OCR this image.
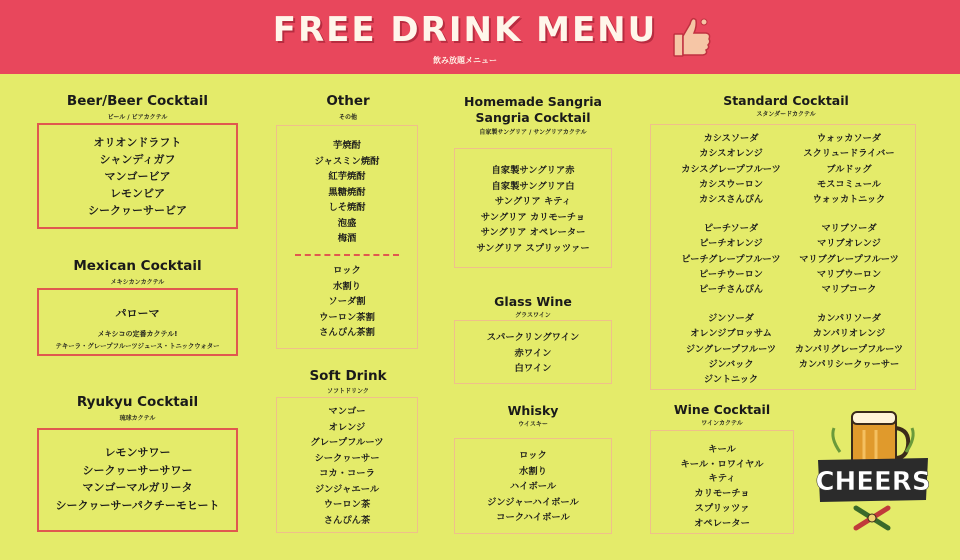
FREE DRINK MENU
飲み放題メニュー
Beer/Beer Cocktail
ビール / ビアカクテル
オリオンドラフト
シャンディガフ
マンゴービア
レモンビア
シークヮーサービア
Mexican Cocktail
メキシカンカクテル
パローマ
メキシコの定番カクテル!
テキーラ・グレープフルーツジュース・トニックウォター
Ryukyu Cocktail
琉球カクテル
レモンサワー
シークヮーサーサワー
マンゴーマルガリータ
シークヮーサーパクチーモヒート
Other
その他
芋焼酎
ジャスミン焼酎
紅芋焼酎
黒糖焼酎
しそ焼酎
泡盛
梅酒
ロック
水割り
ソーダ割
ウーロン茶割
さんぴん茶割
Soft Drink
ソフトドリンク
マンゴー
オレンジ
グレープフルーツ
シークヮーサー
コカ・コーラ
ジンジャエール
ウーロン茶
さんぴん茶
Homemade Sangria
Sangria Cocktail
自家製サングリア / サングリアカクテル
自家製サングリア赤
自家製サングリア白
サングリア キティ
サングリア カリモーチョ
サングリア オペレーター
サングリア スプリッツァー
Glass Wine
グラスワイン
スパークリングワイン
赤ワイン
白ワイン
Whisky
ウイスキー
ロック
水割り
ハイボール
ジンジャーハイボール
コークハイボール
Standard Cocktail
スタンダードカクテル
カシスソーダ
カシスオレンジ
カシスグレープフルーツ
カシスウーロン
カシスさんぴん
ウォッカソーダ
スクリュードライバー
ブルドッグ
モスコミュール
ウォッカトニック
ピーチソーダ
ピーチオレンジ
ピーチグレープフルーツ
ピーチウーロン
ピーチさんぴん
マリブソーダ
マリブオレンジ
マリブグレープフルーツ
マリブウーロン
マリブコーク
ジンソーダ
オレンジブロッサム
ジングレープフルーツ
ジンバック
ジントニック
カンパリソーダ
カンパリオレンジ
カンパリグレープフルーツ
カンパリシークヮーサー
Wine Cocktail
ワインカクテル
キール
キール・ロワイヤル
キティ
カリモーチョ
スプリッツァ
オペレーター
CHEERS
